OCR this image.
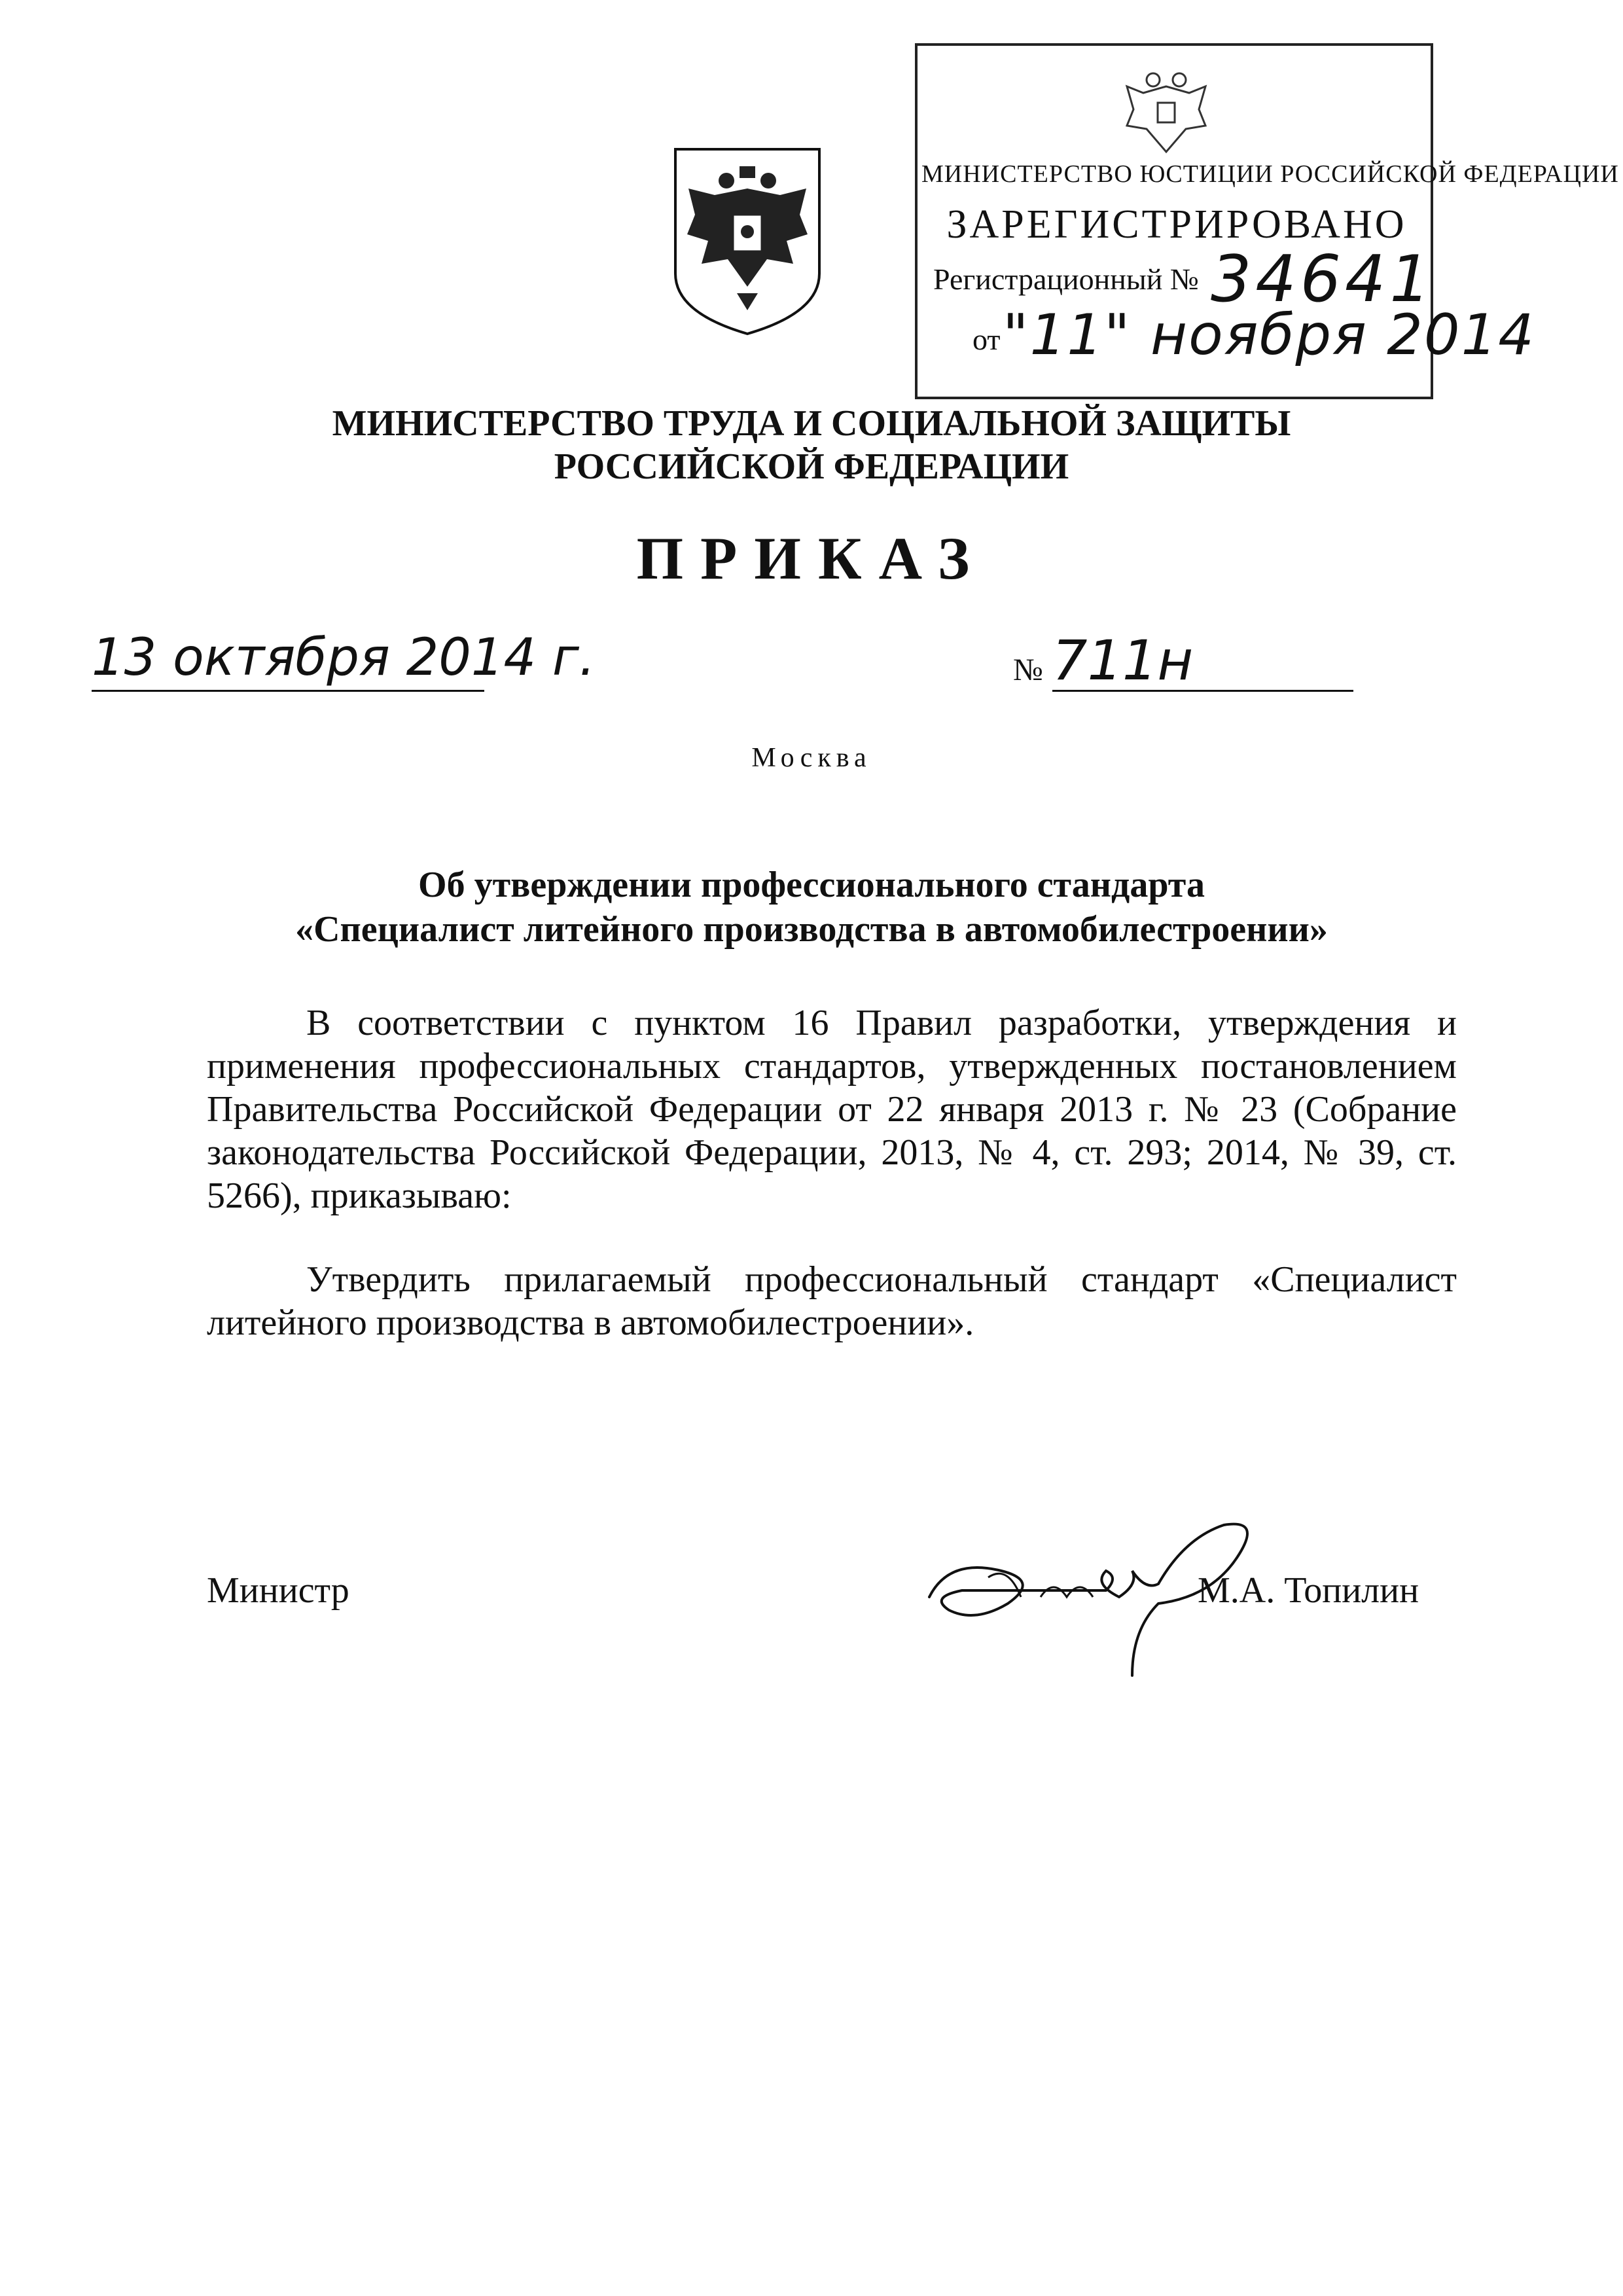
МИНИСТЕРСТВО ЮСТИЦИИ РОССИЙСКОЙ ФЕДЕРАЦИИ
ЗАРЕГИСТРИРОВАНО
Регистрационный № 34641
от "11" ноября 2014
МИНИСТЕРСТВО ТРУДА И СОЦИАЛЬНОЙ ЗАЩИТЫ
РОССИЙСКОЙ ФЕДЕРАЦИИ
ПРИКАЗ
13 октября 2014 г.	№ 711н
Москва
Об утверждении профессионального стандарта
«Специалист литейного производства в автомобилестроении»

В соответствии с пунктом 16 Правил разработки, утверждения и применения профессиональных стандартов, утвержденных постановлением Правительства Российской Федерации от 22 января 2013 г. № 23 (Собрание законодательства Российской Федерации, 2013, № 4, ст. 293; 2014, № 39, ст. 5266), приказываю:

Утвердить прилагаемый профессиональный стандарт «Специалист литейного производства в автомобилестроении».

Министр	М.А. Топилин
